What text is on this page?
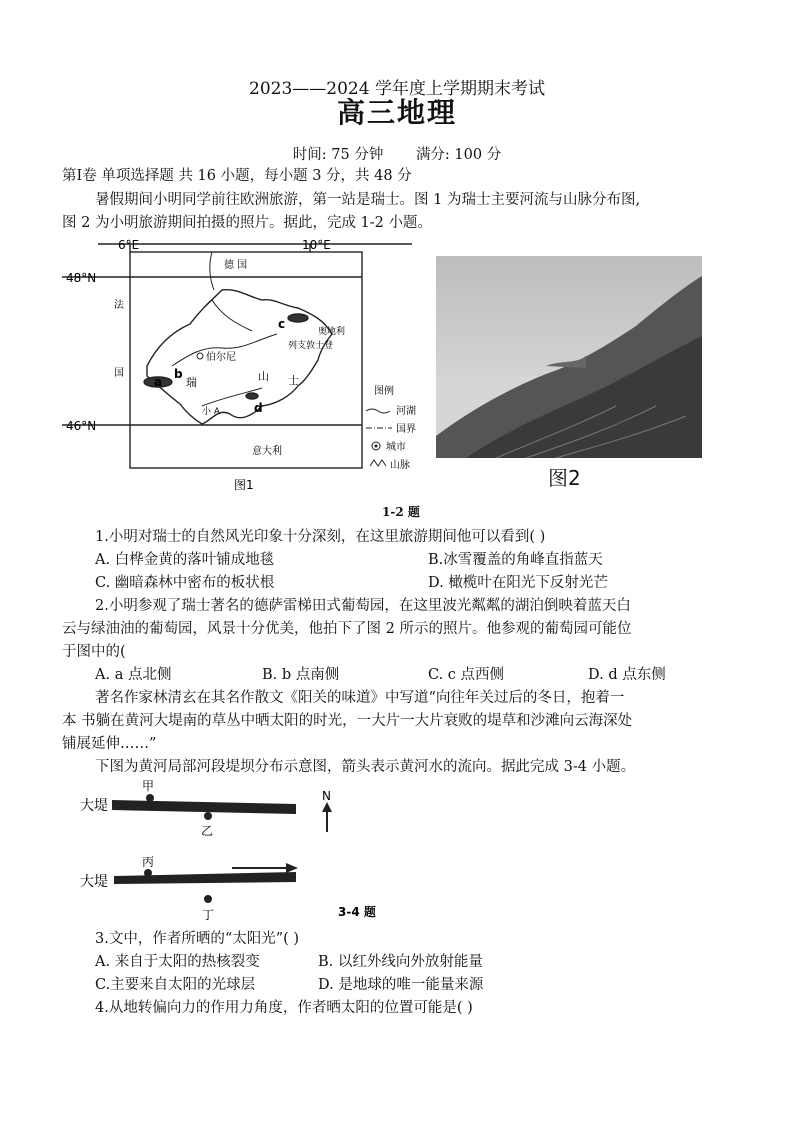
2023——2024 学年度上学期期末考试
高三地理
时间: 75 分钟 满分: 100 分
第Ⅰ卷 单项选择题 共 16 小题，每小题 3 分，共 48 分
暑假期间小明同学前往欧洲旅游，第一站是瑞士。图 1 为瑞士主要河流与山脉分布图,
图 2 为小明旅游期间拍摄的照片。据此，完成 1-2 小题。
6°E	10°E
48°N
46°N
德 国
法
国
意大利
奥地利
列支敦士登
瑞	士
山
伯尔尼
小 A
a
b
c
d
图例
河湖
国界
城市
山脉
图1	图2
1-2 题
1.小明对瑞士的自然风光印象十分深刻，在这里旅游期间他可以看到( )
A. 白桦金黄的落叶铺成地毯	B.冰雪覆盖的角峰直指蓝天
C. 幽暗森林中密布的板状根	D. 橄榄叶在阳光下反射光芒
2.小明参观了瑞士著名的德萨雷梯田式葡萄园，在这里波光粼粼的湖泊倒映着蓝天白
云与绿油油的葡萄园，风景十分优美，他拍下了图 2 所示的照片。他参观的葡萄园可能位
于图中的(
A. a 点北侧	B. b 点南侧	C. c 点西侧	D. d 点东侧
著名作家林清玄在其名作散文《阳关的味道》中写道“向往年关过后的冬日，抱着一
本 书躺在黄河大堤南的草丛中晒太阳的时光，一大片一大片衰败的堤草和沙滩向云海深处
铺展延伸……”
下图为黄河局部河段堤坝分布示意图，箭头表示黄河水的流向。据此完成 3-4 小题。
大堤
甲
乙
N
大堤
丙
丁	3-4 题
3.文中，作者所晒的“太阳光”( )
A. 来自于太阳的热核裂变	B. 以红外线向外放射能量
C.主要来自太阳的光球层	D. 是地球的唯一能量来源
4.从地转偏向力的作用力角度，作者晒太阳的位置可能是( )
